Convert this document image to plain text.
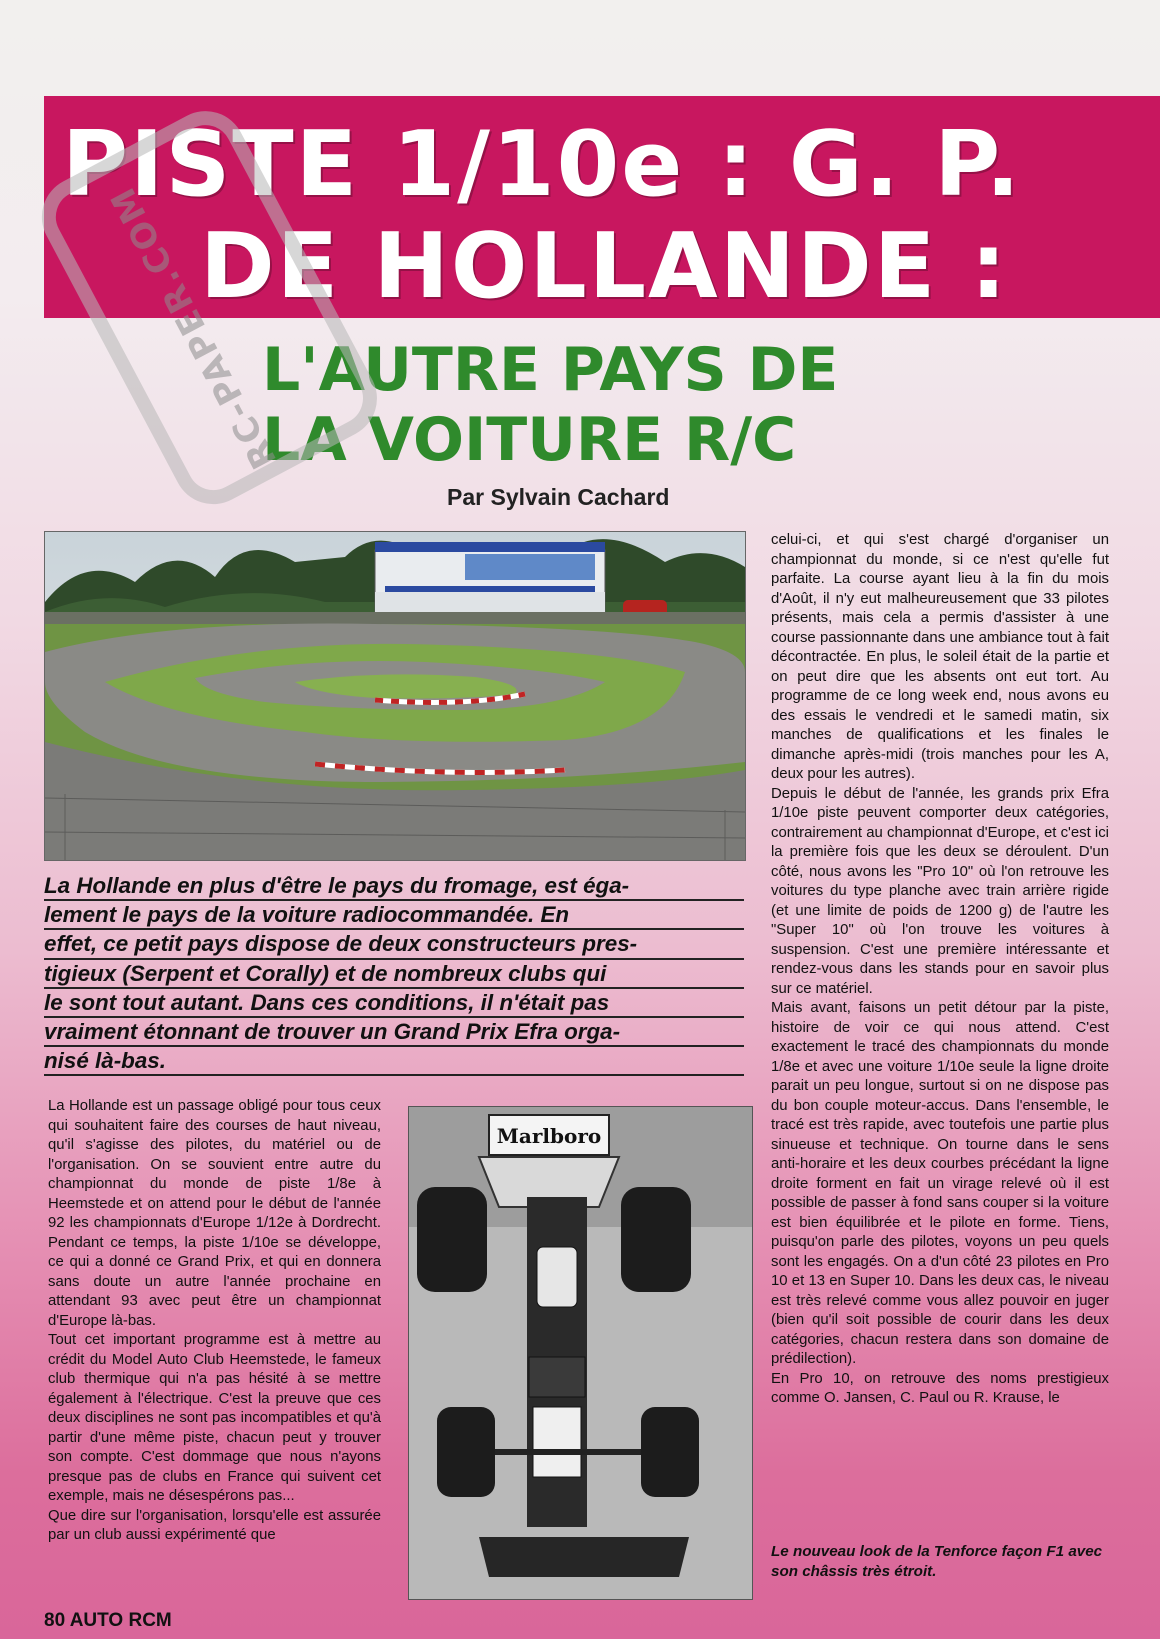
PISTE 1/10e : G. P.
DE HOLLANDE :
L'AUTRE PAYS DE
LA VOITURE R/C
RC-PAPER.COM
Par Sylvain Cachard
La Hollande en plus d'être le pays du fromage, est éga-
lement le pays de la voiture radiocommandée. En
effet, ce petit pays dispose de deux constructeurs pres-
tigieux (Serpent et Corally) et de nombreux clubs qui
le sont tout autant. Dans ces conditions, il n'était pas
vraiment étonnant de trouver un Grand Prix Efra orga-
nisé là-bas.

La Hollande est un passage obligé pour tous ceux qui souhaitent faire des courses de haut niveau, qu'il s'agisse des pilotes, du matériel ou de l'organisation. On se souvient entre autre du championnat du monde de piste 1/8e à Heemstede et on attend pour le début de l'année 92 les championnats d'Europe 1/12e à Dordrecht. Pendant ce temps, la piste 1/10e se développe, ce qui a donné ce Grand Prix, et qui en donnera sans doute un autre l'année prochaine en attendant 93 avec peut être un championnat d'Europe là-bas.

Tout cet important programme est à mettre au crédit du Model Auto Club Heemstede, le fameux club thermique qui n'a pas hésité à se mettre également à l'électrique. C'est la preuve que ces deux disciplines ne sont pas incompatibles et qu'à partir d'une même piste, chacun peut y trouver son compte. C'est dommage que nous n'ayons presque pas de clubs en France qui suivent cet exemple, mais ne désespérons pas...

Que dire sur l'organisation, lorsqu'elle est assurée par un club aussi expérimenté que

Marlboro

celui-ci, et qui s'est chargé d'organiser un championnat du monde, si ce n'est qu'elle fut parfaite. La course ayant lieu à la fin du mois d'Août, il n'y eut malheureusement que 33 pilotes présents, mais cela a permis d'assister à une course passionnante dans une ambiance tout à fait décontractée. En plus, le soleil était de la partie et on peut dire que les absents ont eut tort. Au programme de ce long week end, nous avons eu des essais le vendredi et le samedi matin, six manches de qualifications et les finales le dimanche après-midi (trois manches pour les A, deux pour les autres).

Depuis le début de l'année, les grands prix Efra 1/10e piste peuvent comporter deux catégories, contrairement au championnat d'Europe, et c'est ici la première fois que les deux se déroulent. D'un côté, nous avons les "Pro 10" où l'on retrouve les voitures du type planche avec train arrière rigide (et une limite de poids de 1200 g) de l'autre les "Super 10" où l'on trouve les voitures à suspension. C'est une première intéressante et rendez-vous dans les stands pour en savoir plus sur ce matériel.

Mais avant, faisons un petit détour par la piste, histoire de voir ce qui nous attend. C'est exactement le tracé des championnats du monde 1/8e et avec une voiture 1/10e seule la ligne droite parait un peu longue, surtout si on ne dispose pas du bon couple moteur-accus. Dans l'ensemble, le tracé est très rapide, avec toutefois une partie plus sinueuse et technique. On tourne dans le sens anti-horaire et les deux courbes précédant la ligne droite forment en fait un virage relevé où il est possible de passer à fond sans couper si la voiture est bien équilibrée et le pilote en forme. Tiens, puisqu'on parle des pilotes, voyons un peu quels sont les engagés. On a d'un côté 23 pilotes en Pro 10 et 13 en Super 10. Dans les deux cas, le niveau est très relevé comme vous allez pouvoir en juger (bien qu'il soit possible de courir dans les deux catégories, chacun restera dans son domaine de prédilection).

En Pro 10, on retrouve des noms prestigieux comme O. Jansen, C. Paul ou R. Krause, le

Le nouveau look de la Tenforce façon F1 avec son châssis très étroit.
80 AUTO RCM
